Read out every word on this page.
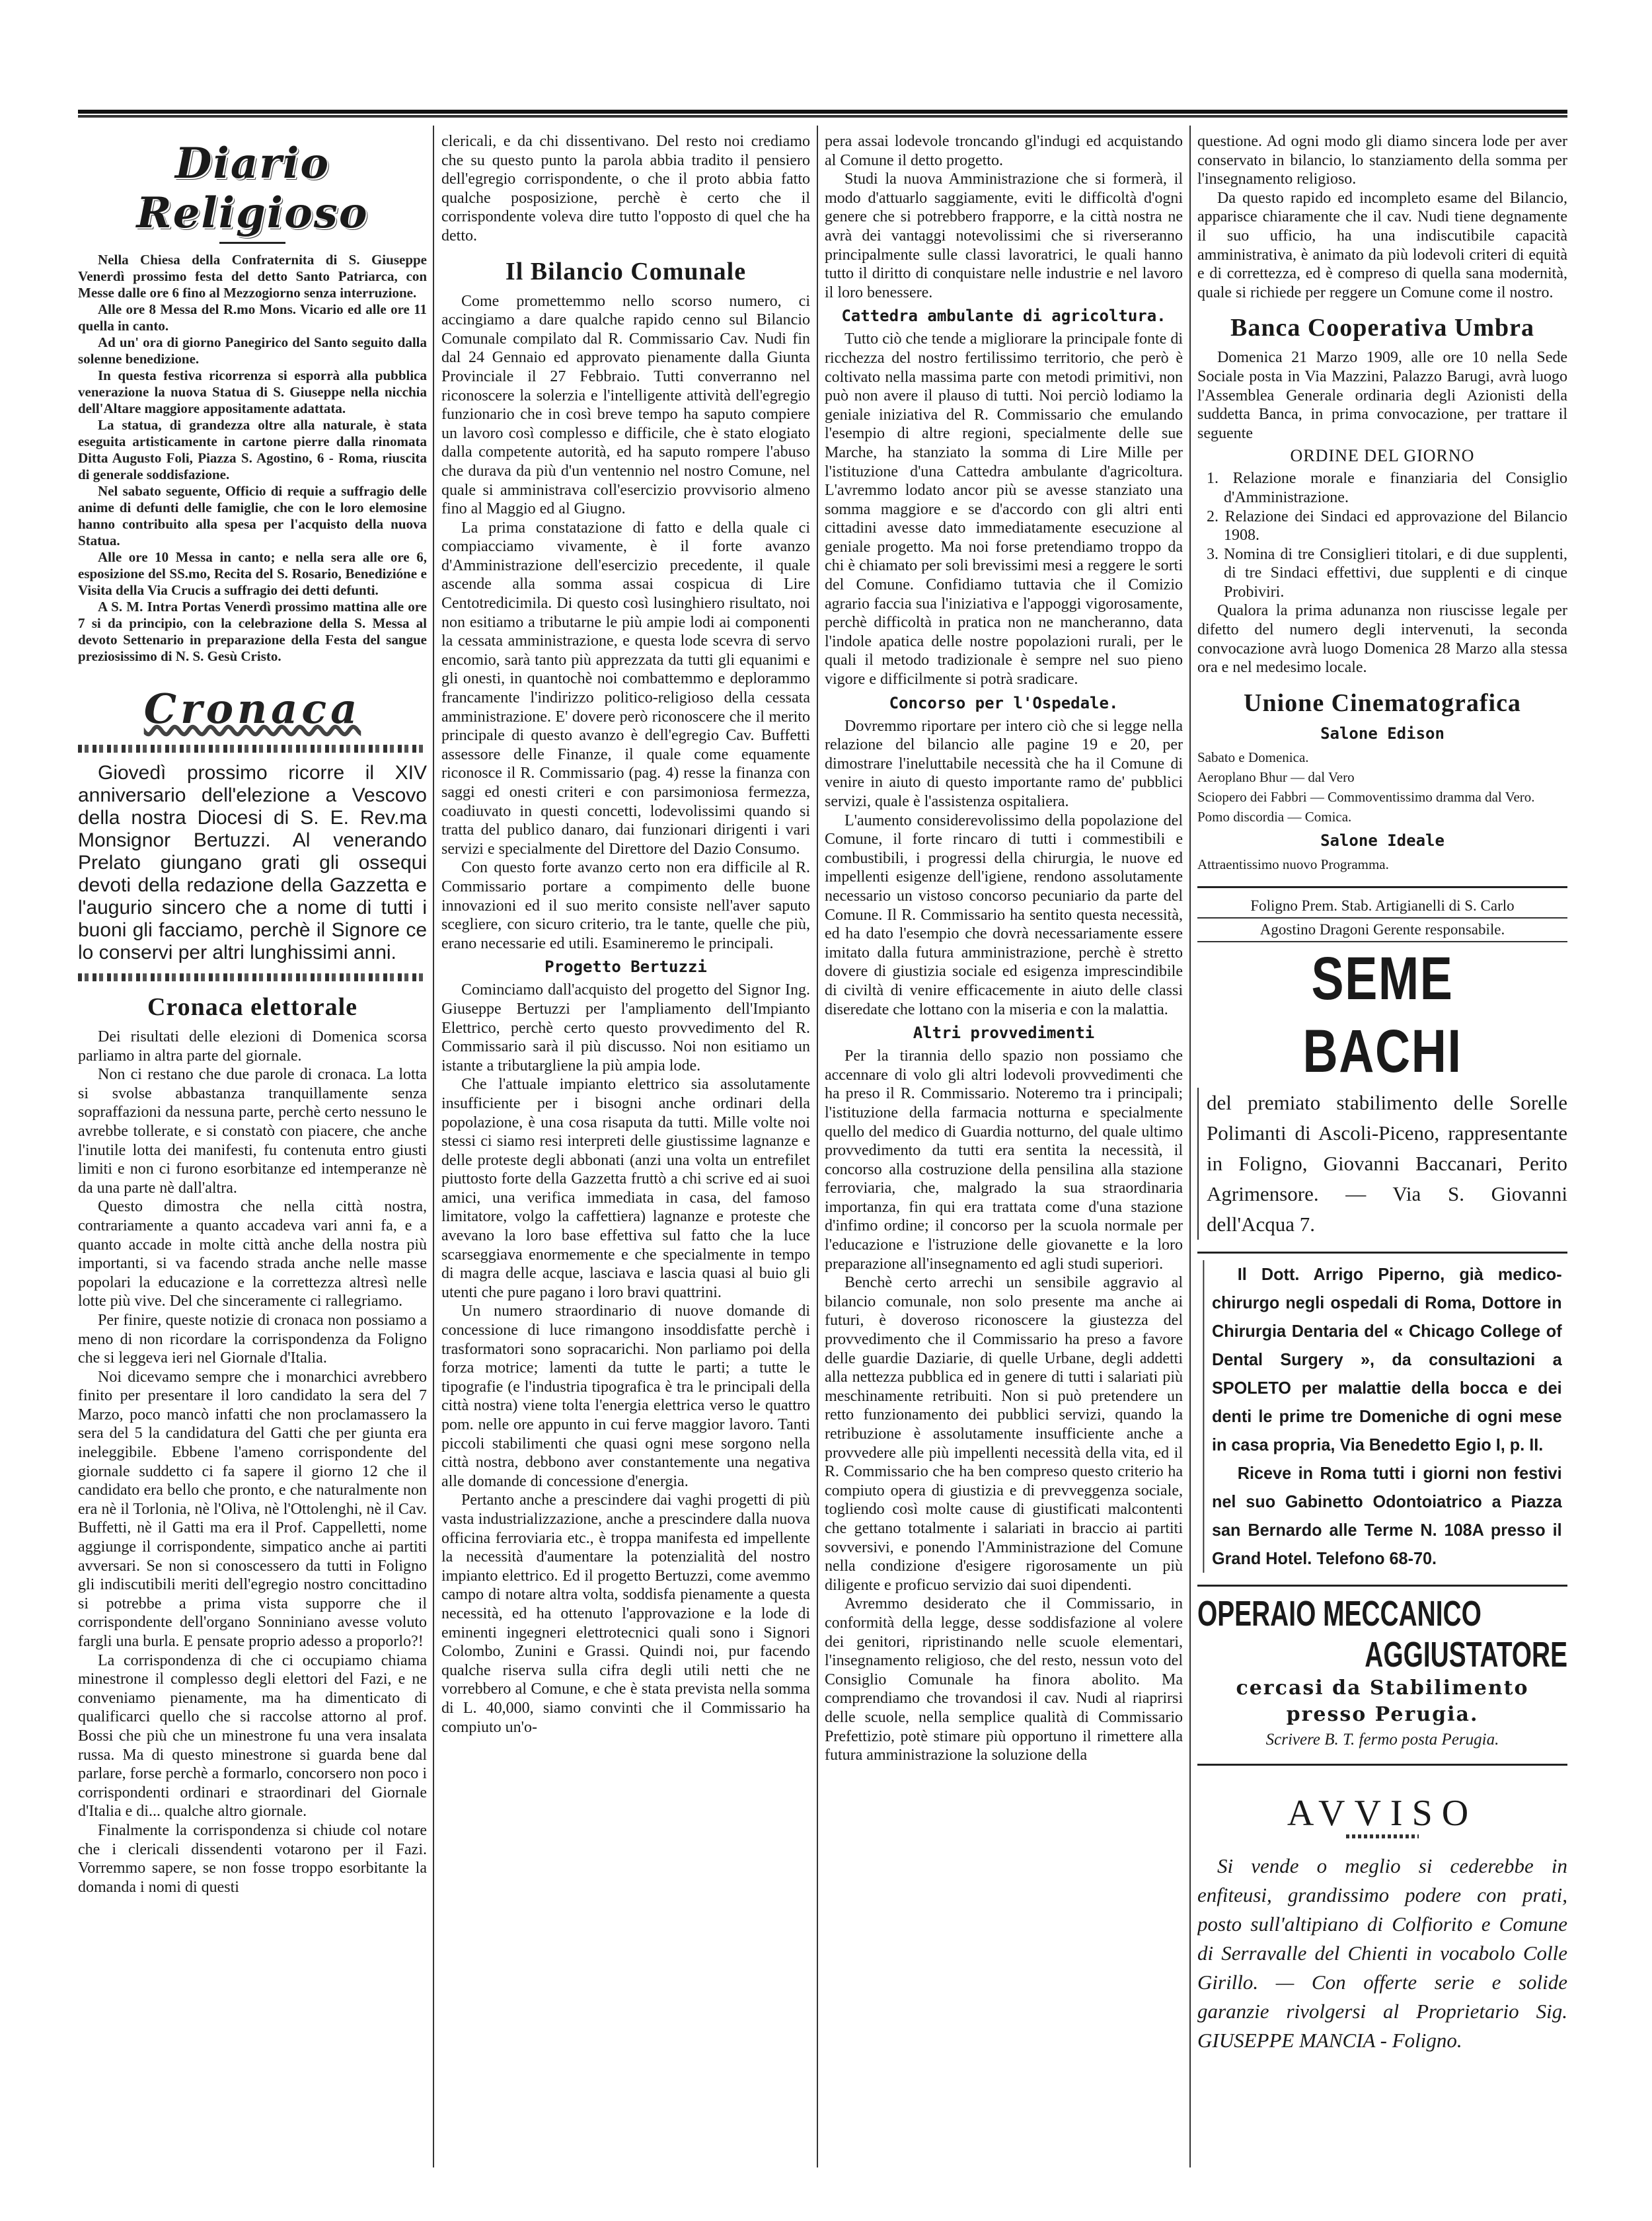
Diario Religioso
Nella Chiesa della Confraternita di S. Giuseppe Venerdì prossimo festa del detto Santo Patriarca, con Messe dalle ore 6 fino al Mezzogiorno senza interruzione.
Alle ore 8 Messa del R.mo Mons. Vicario ed alle ore 11 quella in canto.
Ad un' ora di giorno Panegirico del Santo seguito dalla solenne benedizione.
In questa festiva ricorrenza si esporrà alla pubblica venerazione la nuova Statua di S. Giuseppe nella nicchia dell'Altare maggiore appositamente adattata.
La statua, di grandezza oltre alla naturale, è stata eseguita artisticamente in cartone pierre dalla rinomata Ditta Augusto Foli, Piazza S. Agostino, 6 - Roma, riuscita di generale soddisfazione.
Nel sabato seguente, Officio di requie a suffragio delle anime di defunti delle famiglie, che con le loro elemosine hanno contribuito alla spesa per l'acquisto della nuova Statua.
Alle ore 10 Messa in canto; e nella sera alle ore 6, esposizione del SS.mo, Recita del S. Rosario, Benedizióne e Visita della Via Crucis a suffragio dei detti defunti.
A S. M. Intra Portas Venerdì prossimo mattina alle ore 7 si da principio, con la celebrazione della S. Messa al devoto Settenario in preparazione della Festa del sangue preziosissimo di N. S. Gesù Cristo.
Cronaca
Giovedì prossimo ricorre il XIV anniversario dell'elezione a Vescovo della nostra Diocesi di S. E. Rev.ma Monsignor Bertuzzi. Al venerando Prelato giungano grati gli ossequi devoti della redazione della Gazzetta e l'augurio sincero che a nome di tutti i buoni gli facciamo, perchè il Signore ce lo conservi per altri lunghissimi anni.
Cronaca elettorale
Dei risultati delle elezioni di Domenica scorsa parliamo in altra parte del giornale.
Non ci restano che due parole di cronaca. La lotta si svolse abbastanza tranquillamente senza sopraffazioni da nessuna parte, perchè certo nessuno le avrebbe tollerate, e si constatò con piacere, che anche l'inutile lotta dei manifesti, fu contenuta entro giusti limiti e non ci furono esorbitanze ed intemperanze nè da una parte nè dall'altra.
Questo dimostra che nella città nostra, contrariamente a quanto accadeva vari anni fa, e a quanto accade in molte città anche della nostra più importanti, si va facendo strada anche nelle masse popolari la educazione e la correttezza altresì nelle lotte più vive. Del che sinceramente ci rallegriamo.
Per finire, queste notizie di cronaca non possiamo a meno di non ricordare la corrispondenza da Foligno che si leggeva ieri nel Giornale d'Italia.
Noi dicevamo sempre che i monarchici avrebbero finito per presentare il loro candidato la sera del 7 Marzo, poco mancò infatti che non proclamassero la sera del 5 la candidatura del Gatti che per giunta era ineleggibile. Ebbene l'ameno corrispondente del giornale suddetto ci fa sapere il giorno 12 che il candidato era bello che pronto, e che naturalmente non era nè il Torlonia, nè l'Oliva, nè l'Ottolenghi, nè il Cav. Buffetti, nè il Gatti ma era il Prof. Cappelletti, nome aggiunge il corrispondente, simpatico anche ai partiti avversari. Se non si conoscessero da tutti in Foligno gli indiscutibili meriti dell'egregio nostro concittadino si potrebbe a prima vista supporre che il corrispondente dell'organo Sonniniano avesse voluto fargli una burla. E pensate proprio adesso a proporlo?!
La corrispondenza di che ci occupiamo chiama minestrone il complesso degli elettori del Fazi, e ne conveniamo pienamente, ma ha dimenticato di qualificarci quello che si raccolse attorno al prof. Bossi che più che un minestrone fu una vera insalata russa. Ma di questo minestrone si guarda bene dal parlare, forse perchè a formarlo, concorsero non poco i corrispondenti ordinari e straordinari del Giornale d'Italia e di... qualche altro giornale.
Finalmente la corrispondenza si chiude col notare che i clericali dissendenti votarono per il Fazi. Vorremmo sapere, se non fosse troppo esorbitante la domanda i nomi di questi
clericali, e da chi dissentivano. Del resto noi crediamo che su questo punto la parola abbia tradito il pensiero dell'egregio corrispondente, o che il proto abbia fatto qualche posposizione, perchè è certo che il corrispondente voleva dire tutto l'opposto di quel che ha detto.
Il Bilancio Comunale
Come promettemmo nello scorso numero, ci accingiamo a dare qualche rapido cenno sul Bilancio Comunale compilato dal R. Commissario Cav. Nudi fin dal 24 Gennaio ed approvato pienamente dalla Giunta Provinciale il 27 Febbraio. Tutti converranno nel riconoscere la solerzia e l'intelligente attività dell'egregio funzionario che in così breve tempo ha saputo compiere un lavoro così complesso e difficile, che è stato elogiato dalla competente autorità, ed ha saputo rompere l'abuso che durava da più d'un ventennio nel nostro Comune, nel quale si amministrava coll'esercizio provvisorio almeno fino al Maggio ed al Giugno.
La prima constatazione di fatto e della quale ci compiacciamo vivamente, è il forte avanzo d'Amministrazione dell'esercizio precedente, il quale ascende alla somma assai cospicua di Lire Centotredicimila. Di questo così lusinghiero risultato, noi non esitiamo a tributarne le più ampie lodi ai componenti la cessata amministrazione, e questa lode scevra di servo encomio, sarà tanto più apprezzata da tutti gli equanimi e gli onesti, in quantochè noi combattemmo e deplorammo francamente l'indirizzo politico-religioso della cessata amministrazione. E' dovere però riconoscere che il merito principale di questo avanzo è dell'egregio Cav. Buffetti assessore delle Finanze, il quale come equamente riconosce il R. Commissario (pag. 4) resse la finanza con saggi ed onesti criteri e con parsimoniosa fermezza, coadiuvato in questi concetti, lodevolissimi quando si tratta del publico danaro, dai funzionari dirigenti i vari servizi e specialmente del Direttore del Dazio Consumo.
Con questo forte avanzo certo non era difficile al R. Commissario portare a compimento delle buone innovazioni ed il suo merito consiste nell'aver saputo scegliere, con sicuro criterio, tra le tante, quelle che più, erano necessarie ed utili. Esamineremo le principali.
Progetto Bertuzzi
Cominciamo dall'acquisto del progetto del Signor Ing. Giuseppe Bertuzzi per l'ampliamento dell'Impianto Elettrico, perchè certo questo provvedimento del R. Commissario sarà il più discusso. Noi non esitiamo un istante a tributargliene la più ampia lode.
Che l'attuale impianto elettrico sia assolutamente insufficiente per i bisogni anche ordinari della popolazione, è una cosa risaputa da tutti. Mille volte noi stessi ci siamo resi interpreti delle giustissime lagnanze e delle proteste degli abbonati (anzi una volta un entrefilet piuttosto forte della Gazzetta fruttò a chi scrive ed ai suoi amici, una verifica immediata in casa, del famoso limitatore, volgo la caffettiera) lagnanze e proteste che avevano la loro base effettiva sul fatto che la luce scarseggiava enormemente e che specialmente in tempo di magra delle acque, lasciava e lascia quasi al buio gli utenti che pure pagano i loro bravi quattrini.
Un numero straordinario di nuove domande di concessione di luce rimangono insoddisfatte perchè i trasformatori sono sopracarichi. Non parliamo poi della forza motrice; lamenti da tutte le parti; a tutte le tipografie (e l'industria tipografica è tra le principali della città nostra) viene tolta l'energia elettrica verso le quattro pom. nelle ore appunto in cui ferve maggior lavoro. Tanti piccoli stabilimenti che quasi ogni mese sorgono nella città nostra, debbono aver constantemente una negativa alle domande di concessione d'energia.
Pertanto anche a prescindere dai vaghi progetti di più vasta industrializzazione, anche a prescindere dalla nuova officina ferroviaria etc., è troppa manifesta ed impellente la necessità d'aumentare la potenzialità del nostro impianto elettrico. Ed il progetto Bertuzzi, come avemmo campo di notare altra volta, soddisfa pienamente a questa necessità, ed ha ottenuto l'approvazione e la lode di eminenti ingegneri elettrotecnici quali sono i Signori Colombo, Zunini e Grassi. Quindi noi, pur facendo qualche riserva sulla cifra degli utili netti che ne vorrebbero al Comune, e che è stata prevista nella somma di L. 40,000, siamo convinti che il Commissario ha compiuto un'o-
pera assai lodevole troncando gl'indugi ed acquistando al Comune il detto progetto.
Studi la nuova Amministrazione che si formerà, il modo d'attuarlo saggiamente, eviti le difficoltà d'ogni genere che si potrebbero frapporre, e la città nostra ne avrà dei vantaggi notevolissimi che si riverseranno principalmente sulle classi lavoratrici, le quali hanno tutto il diritto di conquistare nelle industrie e nel lavoro il loro benessere.
Cattedra ambulante di agricoltura.
Tutto ciò che tende a migliorare la principale fonte di ricchezza del nostro fertilissimo territorio, che però è coltivato nella massima parte con metodi primitivi, non può non avere il plauso di tutti. Noi perciò lodiamo la geniale iniziativa del R. Commissario che emulando l'esempio di altre regioni, specialmente delle sue Marche, ha stanziato la somma di Lire Mille per l'istituzione d'una Cattedra ambulante d'agricoltura. L'avremmo lodato ancor più se avesse stanziato una somma maggiore e se d'accordo con gli altri enti cittadini avesse dato immediatamente esecuzione al geniale progetto. Ma noi forse pretendiamo troppo da chi è chiamato per soli brevissimi mesi a reggere le sorti del Comune. Confidiamo tuttavia che il Comizio agrario faccia sua l'iniziativa e l'appoggi vigorosamente, perchè difficoltà in pratica non ne mancheranno, data l'indole apatica delle nostre popolazioni rurali, per le quali il metodo tradizionale è sempre nel suo pieno vigore e difficilmente si potrà sradicare.
Concorso per l'Ospedale.
Dovremmo riportare per intero ciò che si legge nella relazione del bilancio alle pagine 19 e 20, per dimostrare l'ineluttabile necessità che ha il Comune di venire in aiuto di questo importante ramo de' pubblici servizi, quale è l'assistenza ospitaliera.
L'aumento considerevolissimo della popolazione del Comune, il forte rincaro di tutti i commestibili e combustibili, i progressi della chirurgia, le nuove ed impellenti esigenze dell'igiene, rendono assolutamente necessario un vistoso concorso pecuniario da parte del Comune. Il R. Commissario ha sentito questa necessità, ed ha dato l'esempio che dovrà necessariamente essere imitato dalla futura amministrazione, perchè è stretto dovere di giustizia sociale ed esigenza imprescindibile di civiltà di venire efficacemente in aiuto delle classi diseredate che lottano con la miseria e con la malattia.
Altri provvedimenti
Per la tirannia dello spazio non possiamo che accennare di volo gli altri lodevoli provvedimenti che ha preso il R. Commissario. Noteremo tra i principali; l'istituzione della farmacia notturna e specialmente quello del medico di Guardia notturno, del quale ultimo provvedimento da tutti era sentita la necessità, il concorso alla costruzione della pensilina alla stazione ferroviaria, che, malgrado la sua straordinaria importanza, fin qui era trattata come d'una stazione d'infimo ordine; il concorso per la scuola normale per l'educazione e l'istruzione delle giovanette e la loro preparazione all'insegnamento ed agli studi superiori.
Benchè certo arrechi un sensibile aggravio al bilancio comunale, non solo presente ma anche ai futuri, è doveroso riconoscere la giustezza del provvedimento che il Commissario ha preso a favore delle guardie Daziarie, di quelle Urbane, degli addetti alla nettezza pubblica ed in genere di tutti i salariati più meschinamente retribuiti. Non si può pretendere un retto funzionamento dei pubblici servizi, quando la retribuzione è assolutamente insufficiente anche a provvedere alle più impellenti necessità della vita, ed il R. Commissario che ha ben compreso questo criterio ha compiuto opera di giustizia e di prevveggenza sociale, togliendo così molte cause di giustificati malcontenti che gettano totalmente i salariati in braccio ai partiti sovversivi, e ponendo l'Amministrazione del Comune nella condizione d'esigere rigorosamente un più diligente e proficuo servizio dai suoi dipendenti.
Avremmo desiderato che il Commissario, in conformità della legge, desse soddisfazione al volere dei genitori, ripristinando nelle scuole elementari, l'insegnamento religioso, che del resto, nessun voto del Consiglio Comunale ha finora abolito. Ma comprendiamo che trovandosi il cav. Nudi al riaprirsi delle scuole, nella semplice qualità di Commissario Prefettizio, potè stimare più opportuno il rimettere alla futura amministrazione la soluzione della
questione. Ad ogni modo gli diamo sincera lode per aver conservato in bilancio, lo stanziamento della somma per l'insegnamento religioso.
Da questo rapido ed incompleto esame del Bilancio, apparisce chiaramente che il cav. Nudi tiene degnamente il suo ufficio, ha una indiscutibile capacità amministrativa, è animato da più lodevoli criteri di equità e di correttezza, ed è compreso di quella sana modernità, quale si richiede per reggere un Comune come il nostro.
Banca Cooperativa Umbra
Domenica 21 Marzo 1909, alle ore 10 nella Sede Sociale posta in Via Mazzini, Palazzo Barugi, avrà luogo l'Assemblea Generale ordinaria degli Azionisti della suddetta Banca, in prima convocazione, per trattare il seguente
ORDINE DEL GIORNO
1. Relazione morale e finanziaria del Consiglio d'Amministrazione.
2. Relazione dei Sindaci ed approvazione del Bilancio 1908.
3. Nomina di tre Consiglieri titolari, e di due supplenti, di tre Sindaci effettivi, due supplenti e di cinque Probiviri.
Qualora la prima adunanza non riuscisse legale per difetto del numero degli intervenuti, la seconda convocazione avrà luogo Domenica 28 Marzo alla stessa ora e nel medesimo locale.
Unione Cinematografica
Salone Edison
Sabato e Domenica.
Aeroplano Bhur — dal Vero
Sciopero dei Fabbri — Commoventissimo dramma dal Vero.
Pomo discordia — Comica.
Salone Ideale
Attraentissimo nuovo Programma.
Foligno Prem. Stab. Artigianelli di S. Carlo
Agostino Dragoni Gerente responsabile.
SEME BACHI
del premiato stabilimento delle Sorelle Polimanti di Ascoli-Piceno, rappresentante in Foligno, Giovanni Baccanari, Perito Agrimensore. — Via S. Giovanni dell'Acqua 7.
Il Dott. Arrigo Piperno, già medico-chirurgo negli ospedali di Roma, Dottore in Chirurgia Dentaria del « Chicago College of Dental Surgery », da consultazioni a SPOLETO per malattie della bocca e dei denti le prime tre Domeniche di ogni mese in casa propria, Via Benedetto Egio I, p. II.
Riceve in Roma tutti i giorni non festivi nel suo Gabinetto Odontoiatrico a Piazza san Bernardo alle Terme N. 108A presso il Grand Hotel. Telefono 68-70.
OPERAIO MECCANICO
AGGIUSTATORE
cercasi da Stabilimento presso Perugia.
Scrivere B. T. fermo posta Perugia.
AVVISO
Si vende o meglio si cederebbe in enfiteusi, grandissimo podere con prati, posto sull'altipiano di Colfiorito e Comune di Serravalle del Chienti in vocabolo Colle Girillo. — Con offerte serie e solide garanzie rivolgersi al Proprietario Sig. GIUSEPPE MANCIA - Foligno.
